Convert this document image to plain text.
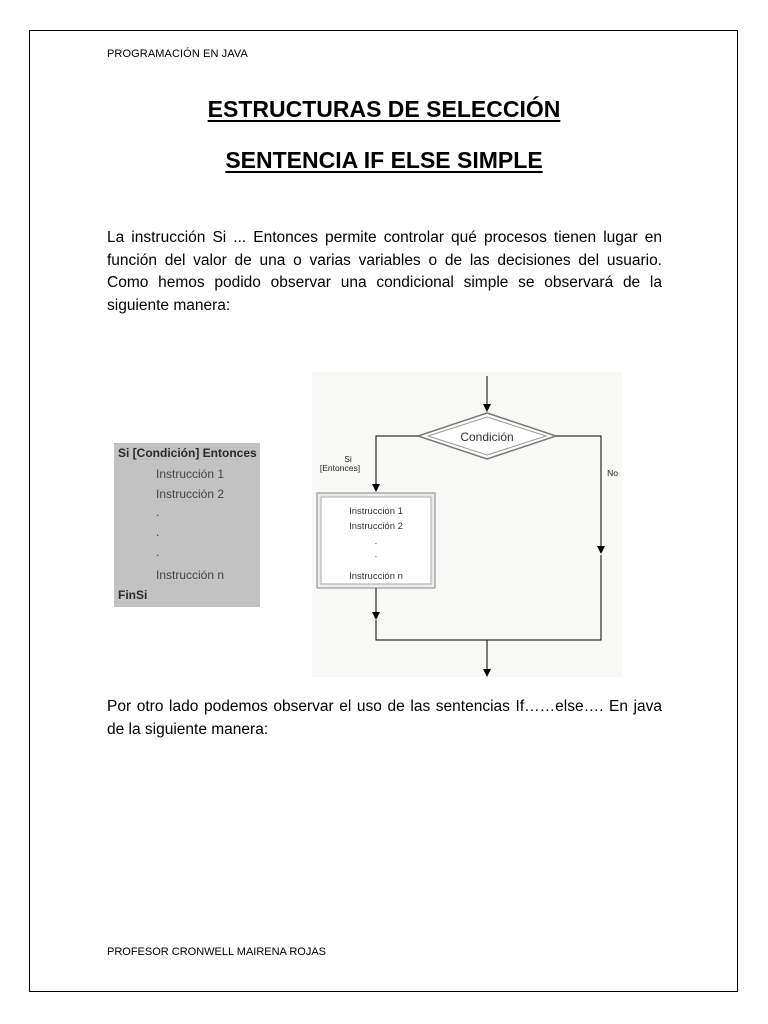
PROGRAMACIÓN EN JAVA
ESTRUCTURAS DE SELECCIÓN
SENTENCIA IF ELSE SIMPLE
La instrucción Si ... Entonces permite controlar qué procesos tienen lugar en función del valor de una o varias variables o de las decisiones del usuario. Como hemos podido observar una condicional simple se observará de la siguiente manera:
Si [Condición] Entonces
Instrucción 1
Instrucción 2
.
.
.
Instrucción n
FinSi
Condición
Si
[Entonces]	No
Instrucción 1
Instrucción 2
.
.
Instrucción n
Por otro lado podemos observar el uso de las sentencias If……else…. En java de la siguiente manera:
PROFESOR CRONWELL MAIRENA ROJAS
